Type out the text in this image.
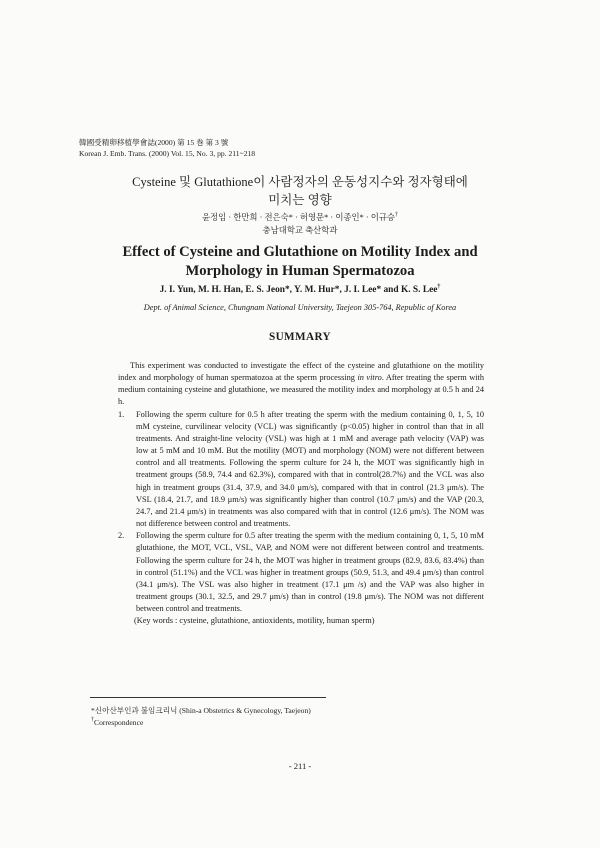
韓國受精卵移植學會誌(2000) 第 15 巻 第 3 號
Korean J. Emb. Trans. (2000) Vol. 15, No. 3, pp. 211~218
Cysteine 및 Glutathione이 사람정자의 운동성지수와 정자형태에
미치는 영향
윤정임 · 한만희 · 전은숙* · 허영문* · 이종인* · 이규승†
충남대학교 축산학과
Effect of Cysteine and Glutathione on Motility Index and
Morphology in Human Spermatozoa
J. I. Yun, M. H. Han, E. S. Jeon*, Y. M. Hur*, J. I. Lee* and K. S. Lee†
Dept. of Animal Science, Chungnam National University, Taejeon 305-764, Republic of Korea
SUMMARY

This experiment was conducted to investigate the effect of the cysteine and glutathione on the motility index and morphology of human spermatozoa at the sperm processing in vitro. After treating the sperm with medium containing cysteine and glutathione, we measured the motility index and morphology at 0.5 h and 24 h.

1. Following the sperm culture for 0.5 h after treating the sperm with the medium containing 0, 1, 5, 10 mM cysteine, curvilinear velocity (VCL) was significantly (p<0.05) higher in control than that in all treatments. And straight-line velocity (VSL) was high at 1 mM and average path velocity (VAP) was low at 5 mM and 10 mM. But the motility (MOT) and morphology (NOM) were not different between control and all treatments. Following the sperm culture for 24 h, the MOT was significantly high in treatment groups (58.9, 74.4 and 62.3%), compared with that in control(28.7%) and the VCL was also high in treatment groups (31.4, 37.9, and 34.0 μm/s), compared with that in control (21.3 μm/s). The VSL (18.4, 21.7, and 18.9 μm/s) was significantly higher than control (10.7 μm/s) and the VAP (20.3, 24.7, and 21.4 μm/s) in treatments was also compared with that in control (12.6 μm/s). The NOM was not difference between control and treatments.
2. Following the sperm culture for 0.5 after treating the sperm with the medium containing 0, 1, 5, 10 mM glutathione, the MOT, VCL, VSL, VAP, and NOM were not different between control and treatments. Following the sperm culture for 24 h, the MOT was higher in treatment groups (82.9, 83.6, 83.4%) than in control (51.1%) and the VCL was higher in treatment groups (50.9, 51.3, and 49.4 μm/s) than control (34.1 μm/s). The VSL was also higher in treatment (17.1 μm /s) and the VAP was also higher in treatment groups (30.1, 32.5, and 29.7 μm/s) than in control (19.8 μm/s). The NOM was not different between control and treatments.
(Key words : cysteine, glutathione, antioxidents, motility, human sperm)
*신아산부인과 불임크리닉 (Shin-a Obstetrics & Gynecology, Taejeon)
†Correspondence
- 211 -
